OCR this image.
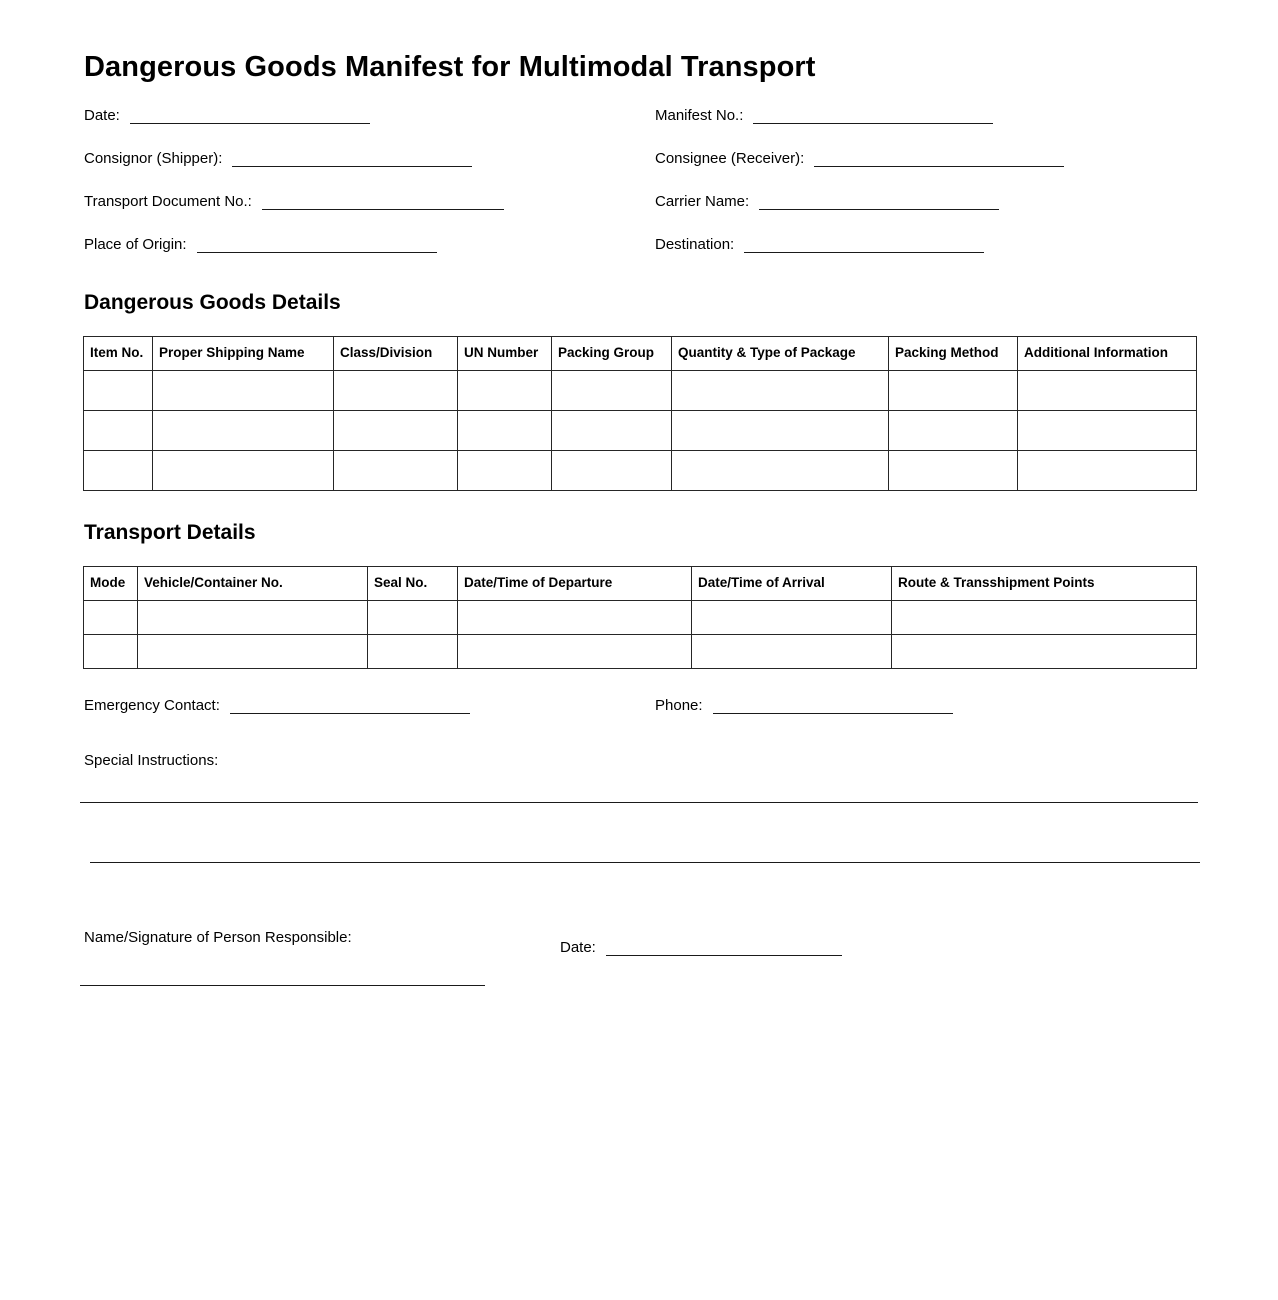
Dangerous Goods Manifest for Multimodal Transport
Date:
Consignor (Shipper):
Transport Document No.:
Place of Origin:
Manifest No.:
Consignee (Receiver):
Carrier Name:
Destination:
Dangerous Goods Details
Item No.	Proper Shipping Name	Class/Division	UN Number	Packing Group	Quantity & Type of Package	Packing Method	Additional Information

Transport Details
Mode	Vehicle/Container No.	Seal No.	Date/Time of Departure	Date/Time of Arrival	Route & Transshipment Points

Emergency Contact:	Phone:
Special Instructions:
Name/Signature of Person Responsible:
Date:
